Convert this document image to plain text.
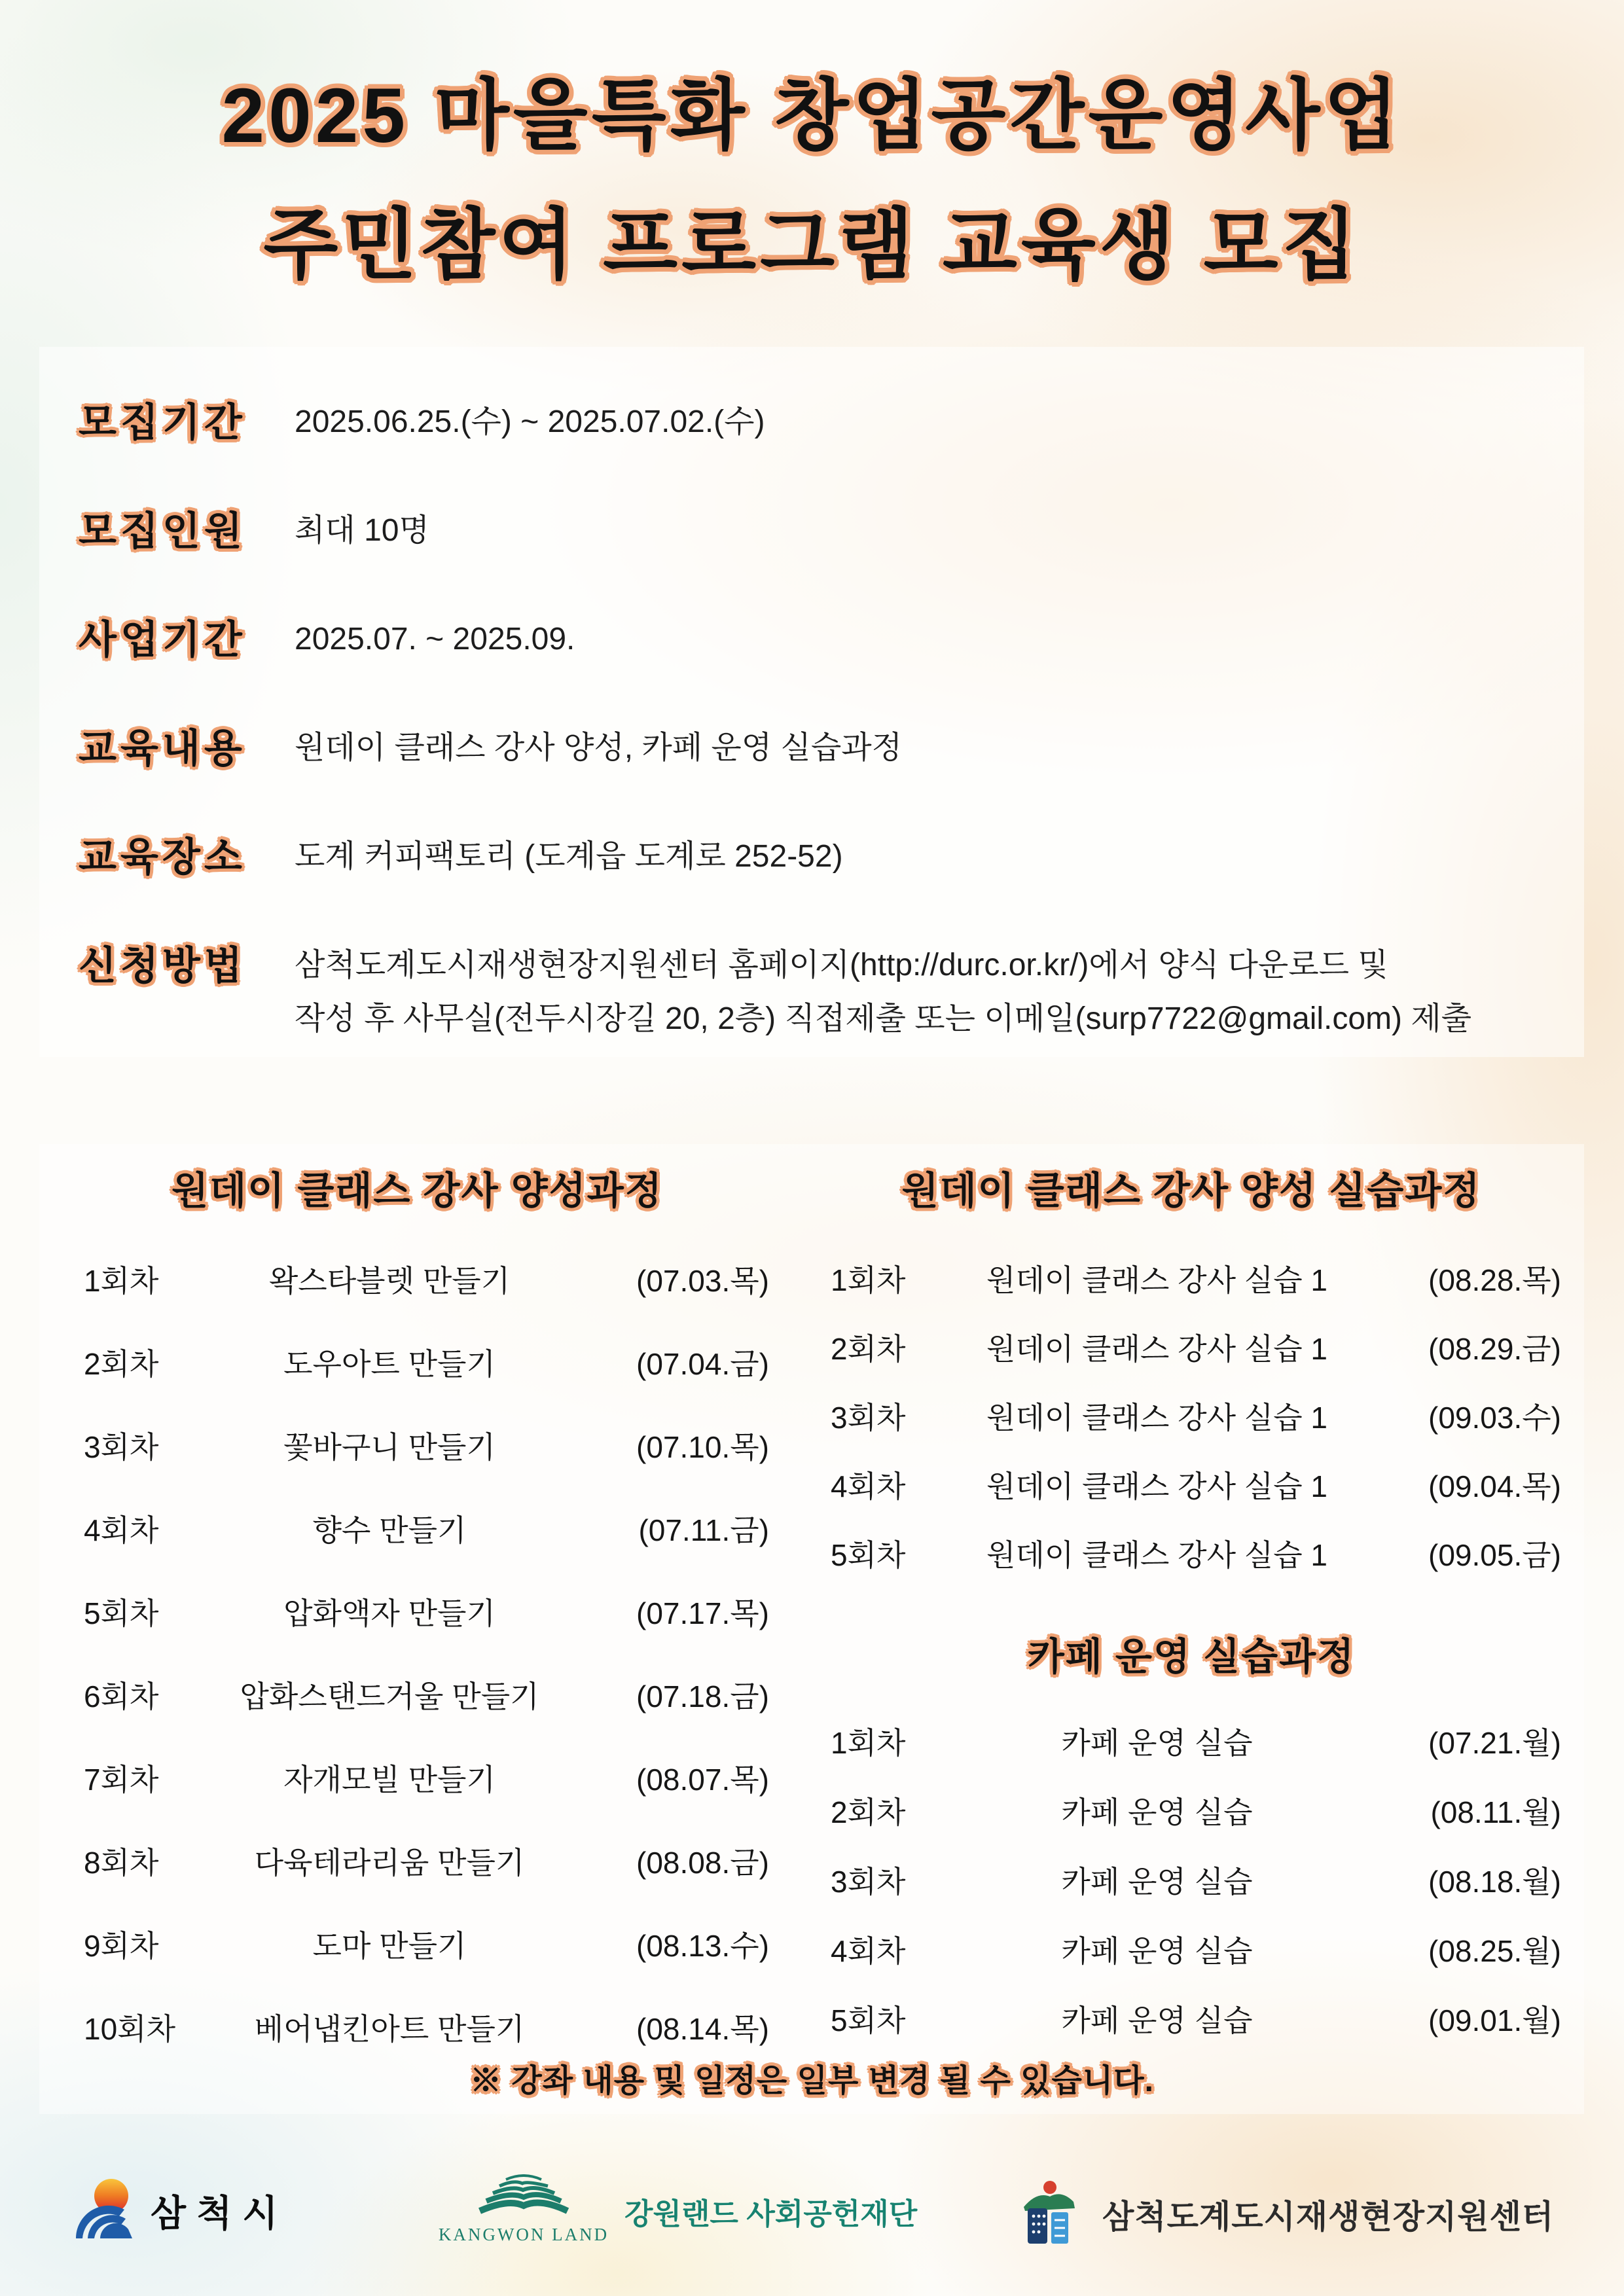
2025 마을특화 창업공간운영사업
주민참여 프로그램 교육생 모집
모집기간	2025.06.25.(수) ~ 2025.07.02.(수)
모집인원	최대 10명
사업기간	2025.07. ~ 2025.09.
교육내용	원데이 클래스 강사 양성, 카페 운영 실습과정
교육장소	도계 커피팩토리 (도계읍 도계로 252-52)
신청방법	삼척도계도시재생현장지원센터 홈페이지(http://durc.or.kr/)에서 양식 다운로드 및
작성 후 사무실(전두시장길 20, 2층) 직접제출 또는 이메일(surp7722@gmail.com) 제출
원데이 클래스 강사 양성과정
1회차	왁스타블렛 만들기	(07.03.목)
2회차	도우아트 만들기	(07.04.금)
3회차	꽃바구니 만들기	(07.10.목)
4회차	향수 만들기	(07.11.금)
5회차	압화액자 만들기	(07.17.목)
6회차	압화스탠드거울 만들기	(07.18.금)
7회차	자개모빌 만들기	(08.07.목)
8회차	다육테라리움 만들기	(08.08.금)
9회차	도마 만들기	(08.13.수)
10회차	베어냅킨아트 만들기	(08.14.목)
원데이 클래스 강사 양성 실습과정
1회차	원데이 클래스 강사 실습 1	(08.28.목)
2회차	원데이 클래스 강사 실습 1	(08.29.금)
3회차	원데이 클래스 강사 실습 1	(09.03.수)
4회차	원데이 클래스 강사 실습 1	(09.04.목)
5회차	원데이 클래스 강사 실습 1	(09.05.금)
카페 운영 실습과정
1회차	카페 운영 실습	(07.21.월)
2회차	카페 운영 실습	(08.11.월)
3회차	카페 운영 실습	(08.18.월)
4회차	카페 운영 실습	(08.25.월)
5회차	카페 운영 실습	(09.01.월)
※ 강좌 내용 및 일정은 일부 변경 될 수 있습니다.
삼척시
KANGWON LAND
강원랜드 사회공헌재단	삼척도계도시재생현장지원센터
